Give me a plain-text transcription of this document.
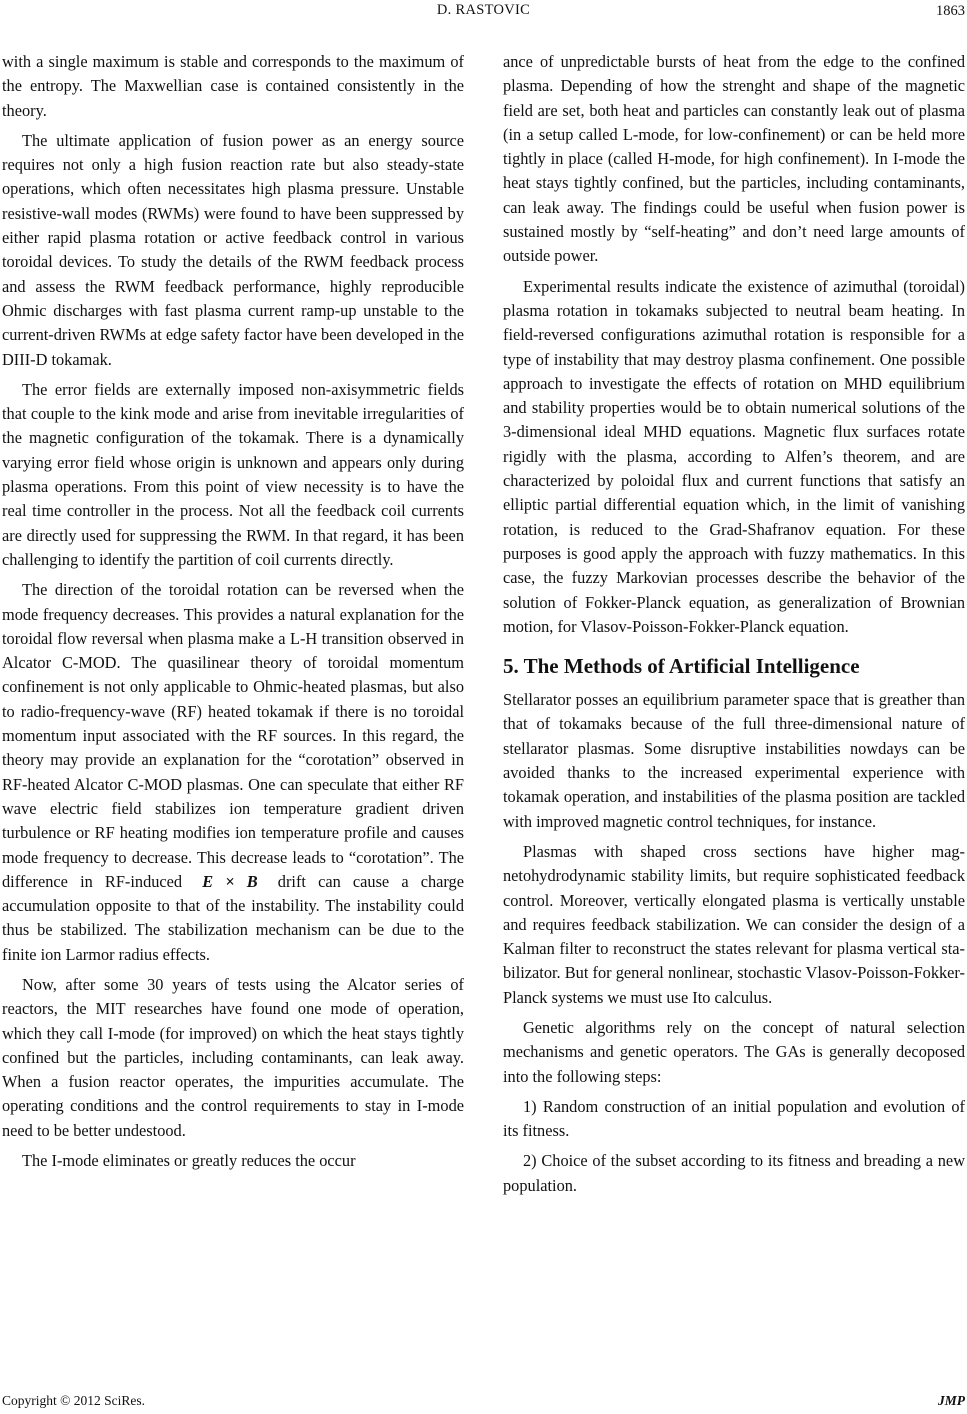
D. RASTOVIC	1863

with a single maximum is stable and corresponds to the maximum of the entropy. The Maxwellian case is contained consistently in the theory.

The ultimate application of fusion power as an energy source requires not only a high fusion reaction rate but also steady-state operations, which often necessitates high plasma pressure. Unstable resistive-wall modes (RWMs) were found to have been suppressed by either rapid plasma rotation or active feedback control in various toroidal devices. To study the details of the RWM feedback process and assess the RWM feedback performance, highly reproducible Ohmic discharges with fast plasma current ramp-up unstable to the current-driven RWMs at edge safety factor have been developed in the DIII-D tokamak.

The error fields are externally imposed non-axisymmetric fields that couple to the kink mode and arise from inevitable irregularities of the magnetic configuration of the tokamak. There is a dynamically varying error field whose origin is unknown and appears only during plasma operations. From this point of view necessity is to have the real time controller in the process. Not all the feedback coil currents are directly used for suppressing the RWM. In that regard, it has been challenging to identify the partition of coil currents directly.

The direction of the toroidal rotation can be reversed when the mode frequency decreases. This provides a natural explanation for the toroidal flow reversal when plasma make a L-H transition observed in Alcator C-MOD. The quasilinear theory of toroidal momentum confinement is not only applicable to Ohmic-heated plasmas, but also to radio-frequency-wave (RF) heated tokamak if there is no toroidal momentum input associated with the RF sources. In this regard, the theory may provide an explanation for the “corotation” observed in RF-heated Alcator C-MOD plasmas. One can speculate that either RF wave electric field stabilizes ion temperature gradient driven turbulence or RF heating modifies ion temperature profile and causes mode frequency to decrease. This decrease leads to “corotation”. The difference in RF-induced E × B drift can cause a charge accumulation opposite to that of the instability. The instability could thus be stabilized. The stabilization mechanism can be due to the finite ion Larmor radius effects.

Now, after some 30 years of tests using the Alcator series of reactors, the MIT researches have found one mode of operation, which they call I-mode (for improved) on which the heat stays tightly confined but the particles, including contaminants, can leak away. When a fusion reactor operates, the impurities accumulate. The operating conditions and the control requirements to stay in I-mode need to be better undestood.

The I-mode eliminates or greatly reduces the occur

ance of unpredictable bursts of heat from the edge to the confined plasma. Depending of how the strenght and shape of the magnetic field are set, both heat and particles can constantly leak out of plasma (in a setup called L-mode, for low-confinement) or can be held more tightly in place (called H-mode, for high confinement). In I-mode the heat stays tightly confined, but the particles, including contaminants, can leak away. The findings could be useful when fusion power is sustained mostly by “self-heating” and don’t need large amounts of outside power.

Experimental results indicate the existence of azimuthal (toroidal) plasma rotation in tokamaks subjected to neutral beam heating. In field-reversed configurations azimuthal rotation is responsible for a type of instability that may destroy plasma confinement. One possible approach to investigate the effects of rotation on MHD equilibrium and stability properties would be to obtain numerical solutions of the 3-dimensional ideal MHD equations. Magnetic flux surfaces rotate rigidly with the plasma, according to Alfen’s theorem, and are characterized by poloidal flux and current functions that satisfy an elliptic partial differential equation which, in the limit of vanishing rotation, is reduced to the Grad-Shafranov equation. For these purposes is good apply the approach with fuzzy mathematics. In this case, the fuzzy Markovian processes describe the behavior of the solution of Fokker-Planck equation, as generalization of Brownian motion, for Vlasov-Poisson-Fokker-Planck equation.

5. The Methods of Artificial Intelligence

Stellarator posses an equilibrium parameter space that is greather than that of tokamaks because of the full three-dimensional nature of stellarator plasmas. Some disruptive instabilities nowdays can be avoided thanks to the increased experimental experience with tokamak operation, and instabilities of the plasma position are tackled with improved magnetic control techniques, for instance.

Plasmas with shaped cross sections have higher magnetohydrodynamic stability limits, but require sophisticated feedback control. Moreover, vertically elongated plasma is vertically unstable and requires feedback stabilization. We can consider the design of a Kalman filter to reconstruct the states relevant for plasma vertical stabilizator. But for general nonlinear, stochastic Vlasov-Poisson-Fokker-Planck systems we must use Ito calculus.

Genetic algorithms rely on the concept of natural selection mechanisms and genetic operators. The GAs is generally decoposed into the following steps:

1) Random construction of an initial population and evolution of its fitness.

2) Choice of the subset according to its fitness and breading a new population.

Copyright © 2012 SciRes.	JMP
